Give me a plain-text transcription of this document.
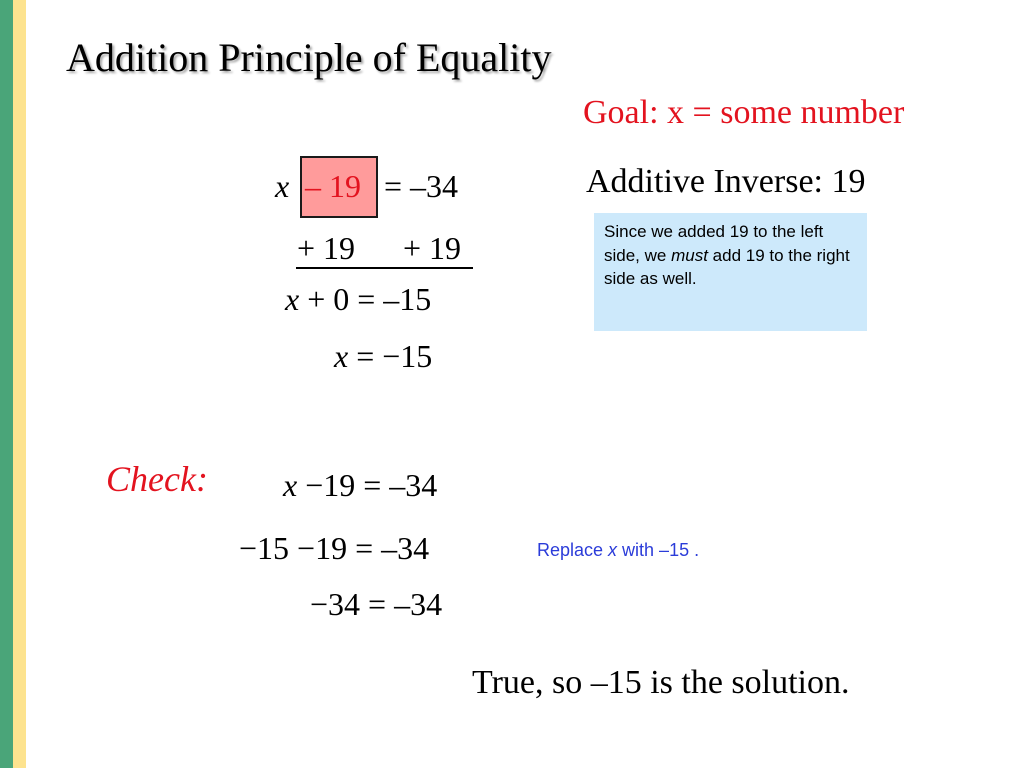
Addition Principle of Equality
Goal: x = some number
Additive Inverse: 19
x – 19 = –34
+ 19 + 19
x + 0 = –15
x = −15
Since we added 19 to the left side, we must add 19 to the right side as well.
Check: x −19 = –34
−15 −19 = –34
−34 = –34
Replace x with –15 .
True, so –15 is the solution.
